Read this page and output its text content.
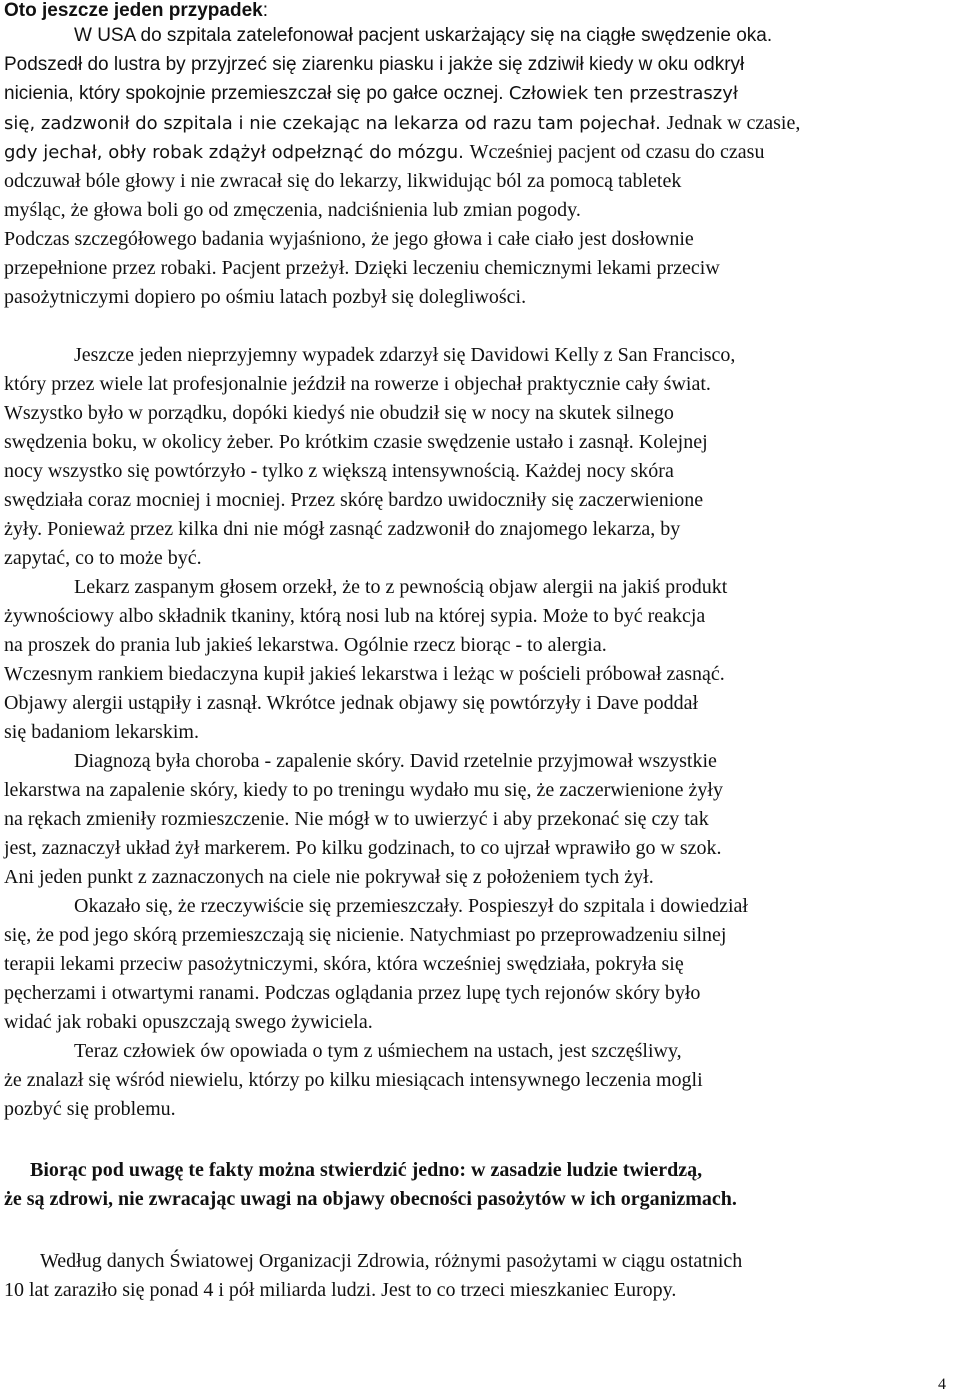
Oto jeszcze jeden przypadek:
W USA do szpitala zatelefonował pacjent uskarżający się na ciągłe swędzenie oka.
Podszedł do lustra by przyjrzeć się ziarenku piasku i jakże się zdziwił kiedy w oku odkrył
nicienia, który spokojnie przemieszczał się po gałce ocznej. Człowiek ten przestraszył
się, zadzwonił do szpitala i nie czekając na lekarza od razu tam pojechał. Jednak w czasie,
gdy jechał, obły robak zdążył odpełznąć do mózgu. Wcześniej pacjent od czasu do czasu
odczuwał bóle głowy i nie zwracał się do lekarzy, likwidując ból za pomocą tabletek
myśląc, że głowa boli go od zmęczenia, nadciśnienia lub zmian pogody.
Podczas szczegółowego badania wyjaśniono, że jego głowa i całe ciało jest dosłownie
przepełnione przez robaki. Pacjent przeżył. Dzięki leczeniu chemicznymi lekami przeciw
pasożytniczymi dopiero po ośmiu latach pozbył się dolegliwości.
Jeszcze jeden nieprzyjemny wypadek zdarzył się Davidowi Kelly z San Francisco,
który przez wiele lat profesjonalnie jeździł na rowerze i objechał praktycznie cały świat.
Wszystko było w porządku, dopóki kiedyś nie obudził się w nocy na skutek silnego
swędzenia boku, w okolicy żeber. Po krótkim czasie swędzenie ustało i zasnął. Kolejnej
nocy wszystko się powtórzyło - tylko z większą intensywnością. Każdej nocy skóra
swędziała coraz mocniej i mocniej. Przez skórę bardzo uwidoczniły się zaczerwienione
żyły. Ponieważ przez kilka dni nie mógł zasnąć zadzwonił do znajomego lekarza, by
zapytać, co to może być.
Lekarz zaspanym głosem orzekł, że to z pewnością objaw alergii na jakiś produkt
żywnościowy albo składnik tkaniny, którą nosi lub na której sypia. Może to być reakcja
na proszek do prania lub jakieś lekarstwa. Ogólnie rzecz biorąc - to alergia.
Wczesnym rankiem biedaczyna kupił jakieś lekarstwa i leżąc w pościeli próbował zasnąć.
Objawy alergii ustąpiły i zasnął. Wkrótce jednak objawy się powtórzyły i Dave poddał
się badaniom lekarskim.
Diagnozą była choroba - zapalenie skóry. David rzetelnie przyjmował wszystkie
lekarstwa na zapalenie skóry, kiedy to po treningu wydało mu się, że zaczerwienione żyły
na rękach zmieniły rozmieszczenie. Nie mógł w to uwierzyć i aby przekonać się czy tak
jest, zaznaczył układ żył markerem. Po kilku godzinach, to co ujrzał wprawiło go w szok.
Ani jeden punkt z zaznaczonych na ciele nie pokrywał się z położeniem tych żył.
Okazało się, że rzeczywiście się przemieszczały. Pospieszył do szpitala i dowiedział
się, że pod jego skórą przemieszczają się nicienie. Natychmiast po przeprowadzeniu silnej
terapii lekami przeciw pasożytniczymi, skóra, która wcześniej swędziała, pokryła się
pęcherzami i otwartymi ranami. Podczas oglądania przez lupę tych rejonów skóry było
widać jak robaki opuszczają swego żywiciela.
Teraz człowiek ów opowiada o tym z uśmiechem na ustach, jest szczęśliwy,
że znalazł się wśród niewielu, którzy po kilku miesiącach intensywnego leczenia mogli
pozbyć się problemu.
Biorąc pod uwagę te fakty można stwierdzić jedno: w zasadzie ludzie twierdzą,
że są zdrowi, nie zwracając uwagi na objawy obecności pasożytów w ich organizmach.
Według danych Światowej Organizacji Zdrowia, różnymi pasożytami w ciągu ostatnich
10 lat zaraziło się ponad 4 i pół miliarda ludzi. Jest to co trzeci mieszkaniec Europy.
4
